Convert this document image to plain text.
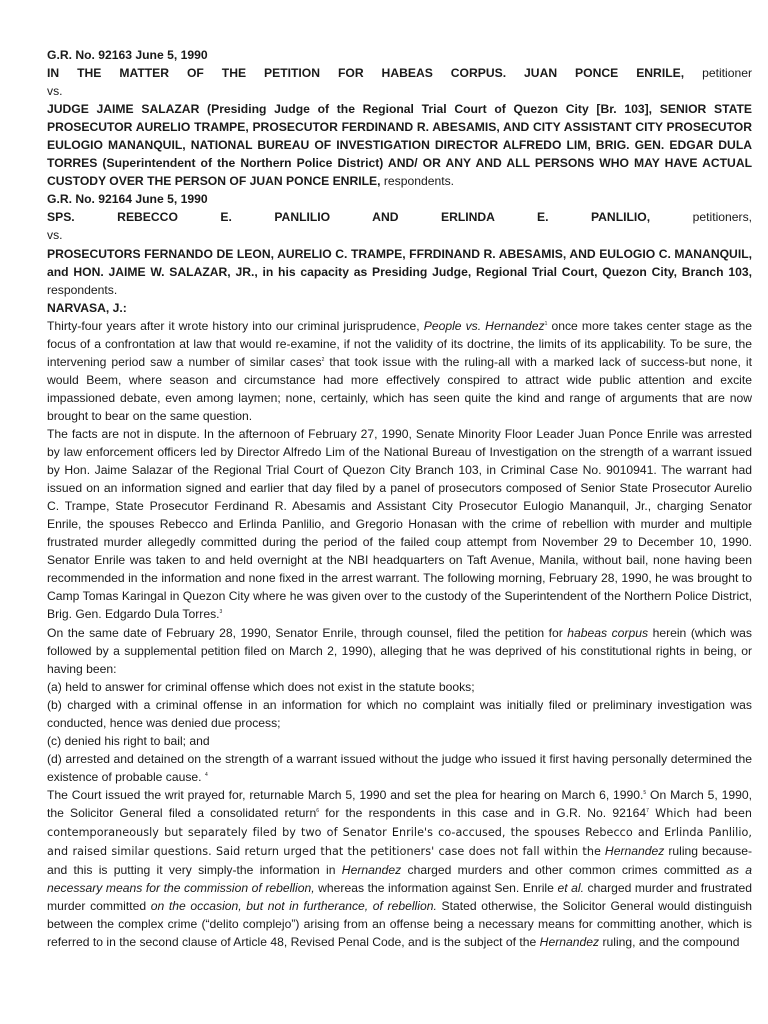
G.R. No. 92163 June 5, 1990

IN THE MATTER OF THE PETITION FOR HABEAS CORPUS. JUAN PONCE ENRILE, petitioner

vs.

JUDGE JAIME SALAZAR (Presiding Judge of the Regional Trial Court of Quezon City [Br. 103], SENIOR STATE PROSECUTOR AURELIO TRAMPE, PROSECUTOR FERDINAND R. ABESAMIS, AND CITY ASSISTANT CITY PROSECUTOR EULOGIO MANANQUIL, NATIONAL BUREAU OF INVESTIGATION DIRECTOR ALFREDO LIM, BRIG. GEN. EDGAR DULA TORRES (Superintendent of the Northern Police District) AND/ OR ANY AND ALL PERSONS WHO MAY HAVE ACTUAL CUSTODY OVER THE PERSON OF JUAN PONCE ENRILE, respondents.

G.R. No. 92164 June 5, 1990

SPS. REBECCO E. PANLILIO AND ERLINDA E. PANLILIO,	petitioners,

vs.

PROSECUTORS FERNANDO DE LEON, AURELIO C. TRAMPE, FFRDINAND R. ABESAMIS, AND EULOGIO C. MANANQUIL, and HON. JAIME W. SALAZAR, JR., in his capacity as Presiding Judge, Regional Trial Court, Quezon City, Branch 103, respondents.

NARVASA, J.:

Thirty-four years after it wrote history into our criminal jurisprudence, People vs. Hernandez$^1$ once more takes center stage as the focus of a confrontation at law that would re-examine, if not the validity of its doctrine, the limits of its applicability. To be sure, the intervening period saw a number of similar cases$^2$ that took issue with the ruling-all with a marked lack of success-but none, it would Beem, where season and circumstance had more effectively conspired to attract wide public attention and excite impassioned debate, even among laymen; none, certainly, which has seen quite the kind and range of arguments that are now brought to bear on the same question.

The facts are not in dispute. In the afternoon of February 27, 1990, Senate Minority Floor Leader Juan Ponce Enrile was arrested by law enforcement officers led by Director Alfredo Lim of the National Bureau of Investigation on the strength of a warrant issued by Hon. Jaime Salazar of the Regional Trial Court of Quezon City Branch 103, in Criminal Case No. 9010941. The warrant had issued on an information signed and earlier that day filed by a panel of prosecutors composed of Senior State Prosecutor Aurelio C. Trampe, State Prosecutor Ferdinand R. Abesamis and Assistant City Prosecutor Eulogio Mananquil, Jr., charging Senator Enrile, the spouses Rebecco and Erlinda Panlilio, and Gregorio Honasan with the crime of rebellion with murder and multiple frustrated murder allegedly committed during the period of the failed coup attempt from November 29 to December 10, 1990. Senator Enrile was taken to and held overnight at the NBI headquarters on Taft Avenue, Manila, without bail, none having been recommended in the information and none fixed in the arrest warrant. The following morning, February 28, 1990, he was brought to Camp Tomas Karingal in Quezon City where he was given over to the custody of the Superintendent of the Northern Police District, Brig. Gen. Edgardo Dula Torres.$^3$

On the same date of February 28, 1990, Senator Enrile, through counsel, filed the petition for habeas corpus herein (which was followed by a supplemental petition filed on March 2, 1990), alleging that he was deprived of his constitutional rights in being, or having been:

(a) held to answer for criminal offense which does not exist in the statute books;

(b) charged with a criminal offense in an information for which no complaint was initially filed or preliminary investigation was conducted, hence was denied due process;

(c) denied his right to bail; and

(d) arrested and detained on the strength of a warrant issued without the judge who issued it first having personally determined the existence of probable cause. $^4$

The Court issued the writ prayed for, returnable March 5, 1990 and set the plea for hearing on March 6, 1990.$^5$ On March 5, 1990, the Solicitor General filed a consolidated return$^6$ for the respondents in this case and in G.R. No. 92164$^7$ Which had been contemporaneously but separately filed by two of Senator Enrile's co-accused, the spouses Rebecco and Erlinda Panlilio, and raised similar questions. Said return urged that the petitioners' case does not fall within the Hernandez ruling because-and this is putting it very simply-the information in Hernandez charged murders and other common crimes committed as a necessary means for the commission of rebellion, whereas the information against Sen. Enrile et al. charged murder and frustrated murder committed on the occasion, but not in furtherance, of rebellion. Stated otherwise, the Solicitor General would distinguish between the complex crime (“delito complejo”) arising from an offense being a necessary means for committing another, which is referred to in the second clause of Article 48, Revised Penal Code, and is the subject of the Hernandez ruling, and the compound
